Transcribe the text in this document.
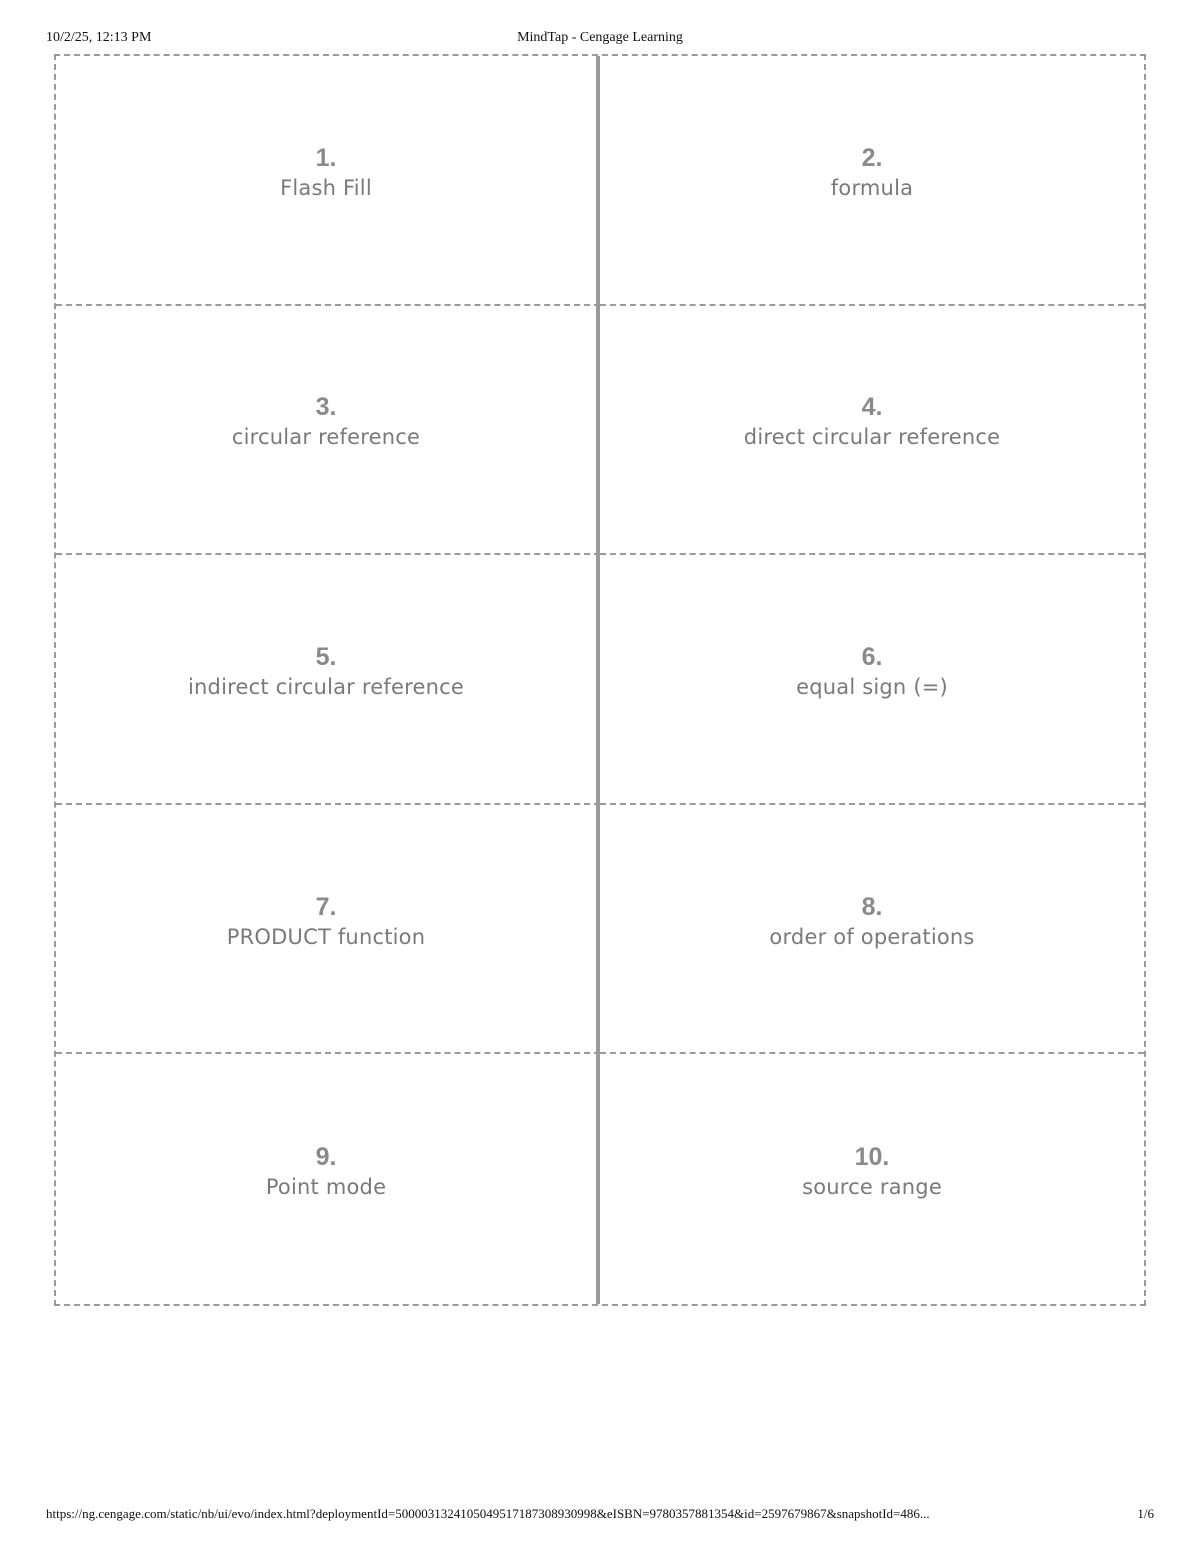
10/2/25, 12:13 PM	MindTap - Cengage Learning
1.
Flash Fill
2.
formula
3.
circular reference
4.
direct circular reference
5.
indirect circular reference
6.
equal sign (=)
7.
PRODUCT function
8.
order of operations
9.
Point mode
10.
source range
https://ng.cengage.com/static/nb/ui/evo/index.html?deploymentId=5000031324105049517187308930998&eISBN=9780357881354&id=2597679867&snapshotId=486...	1/6
